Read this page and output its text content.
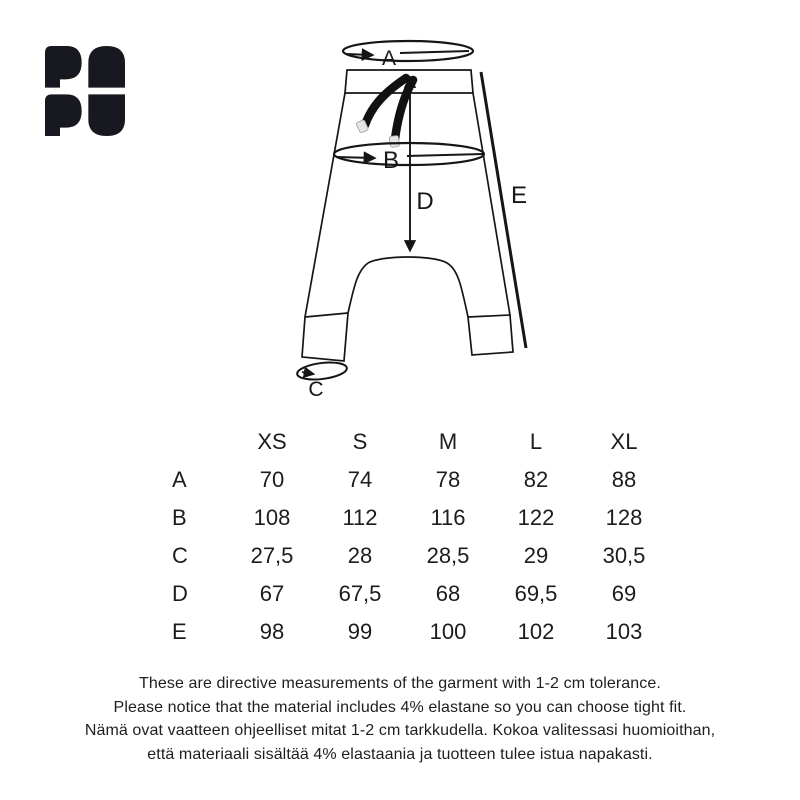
A
B
C
D	E
	XS	S	M	L	XL
A	70	74	78	82	88
B	108	112	116	122	128
C	27,5	28	28,5	29	30,5
D	67	67,5	68	69,5	69
E	98	99	100	102	103
These are directive measurements of the garment with 1-2 cm tolerance.
Please notice that the material includes 4% elastane so you can choose tight fit.
Nämä ovat vaatteen ohjeelliset mitat 1-2 cm tarkkudella. Kokoa valitessasi huomioithan,
että materiaali sisältää 4% elastaania ja tuotteen tulee istua napakasti.
